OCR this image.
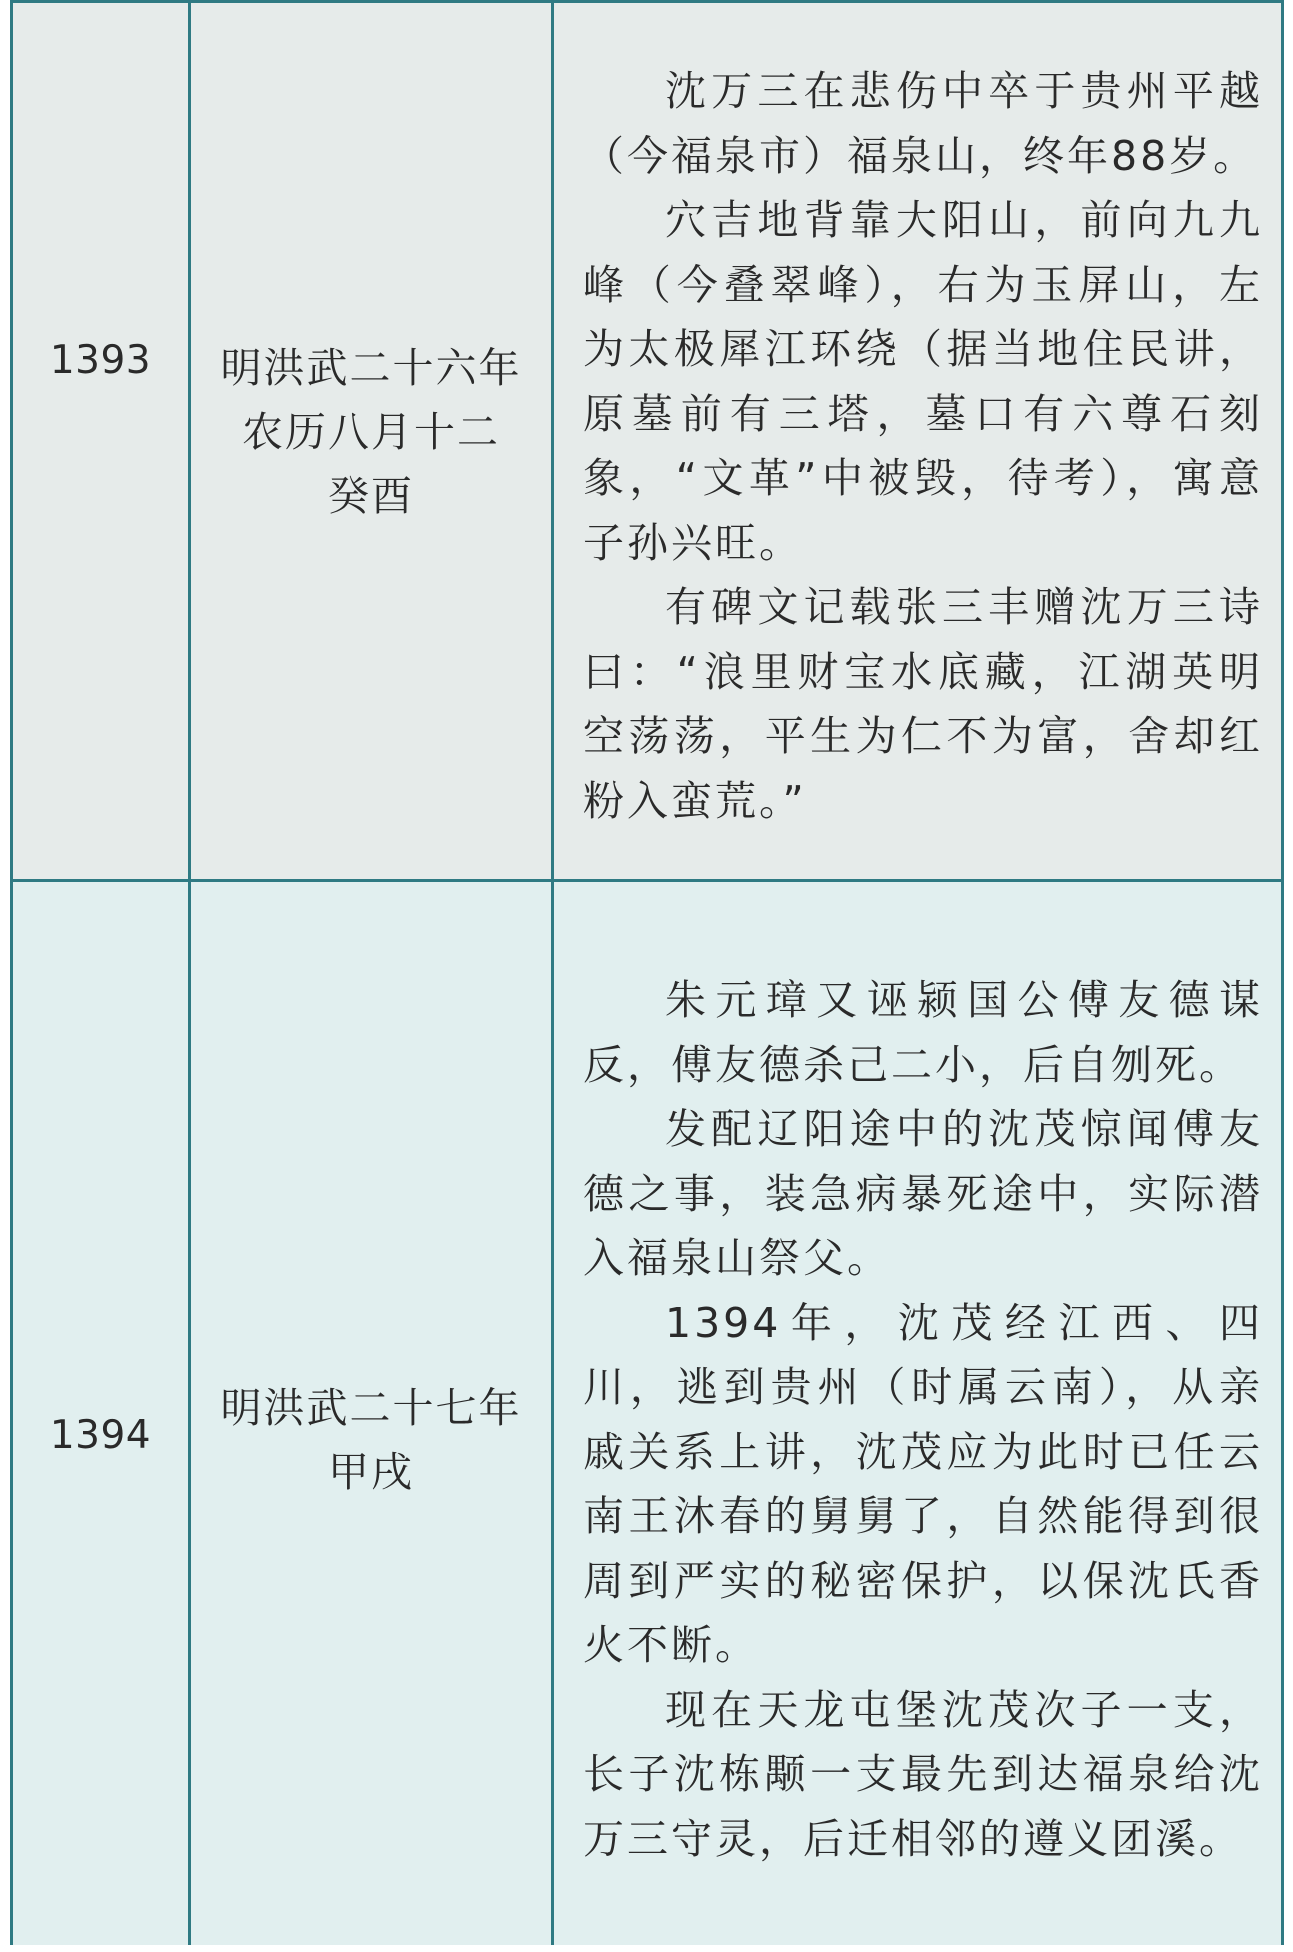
1393	明洪武二十六年
农历八月十二
癸酉

沈万三在悲伤中卒于贵州平越（今福泉市）福泉山，终年88岁。

穴吉地背靠大阳山，前向九九峰（今叠翠峰），右为玉屏山，左为太极犀江环绕（据当地住民讲，原墓前有三塔，墓口有六尊石刻象，“文革”中被毁，待考），寓意子孙兴旺。

有碑文记载张三丰赠沈万三诗曰：“浪里财宝水底藏，江湖英明空荡荡，平生为仁不为富，舍却红粉入蛮荒。”

1394
明洪武二十七年
甲戌

朱元璋又诬颍国公傅友德谋反，傅友德杀己二小，后自刎死。

发配辽阳途中的沈茂惊闻傅友德之事，装急病暴死途中，实际潜入福泉山祭父。

1394年，沈茂经江西、四川，逃到贵州（时属云南），从亲戚关系上讲，沈茂应为此时已任云南王沐春的舅舅了，自然能得到很周到严实的秘密保护，以保沈氏香火不断。

现在天龙屯堡沈茂次子一支，长子沈栋颙一支最先到达福泉给沈万三守灵，后迁相邻的遵义团溪。
